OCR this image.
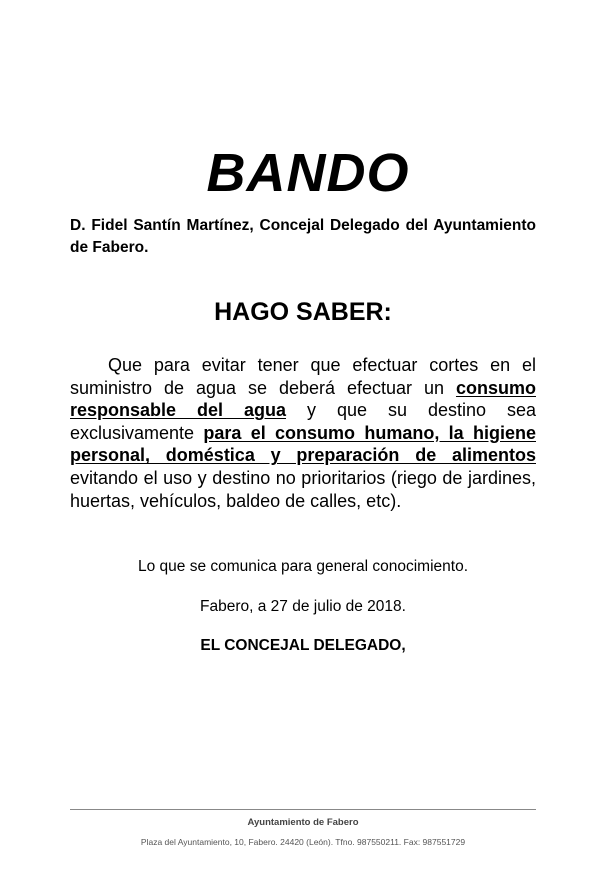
BANDO
D. Fidel Santín Martínez, Concejal Delegado del Ayuntamiento de Fabero.
HAGO SABER:
Que para evitar tener que efectuar cortes en el suministro de agua se deberá efectuar un consumo responsable del agua y que su destino sea exclusivamente para el consumo humano, la higiene personal, doméstica y preparación de alimentos evitando el uso y destino no prioritarios (riego de jardines, huertas, vehículos, baldeo de calles, etc).
Lo que se comunica para general conocimiento.
Fabero, a 27 de julio de 2018.
EL CONCEJAL DELEGADO,
Ayuntamiento de Fabero
Plaza del Ayuntamiento, 10, Fabero. 24420 (León). Tfno. 987550211. Fax: 987551729
